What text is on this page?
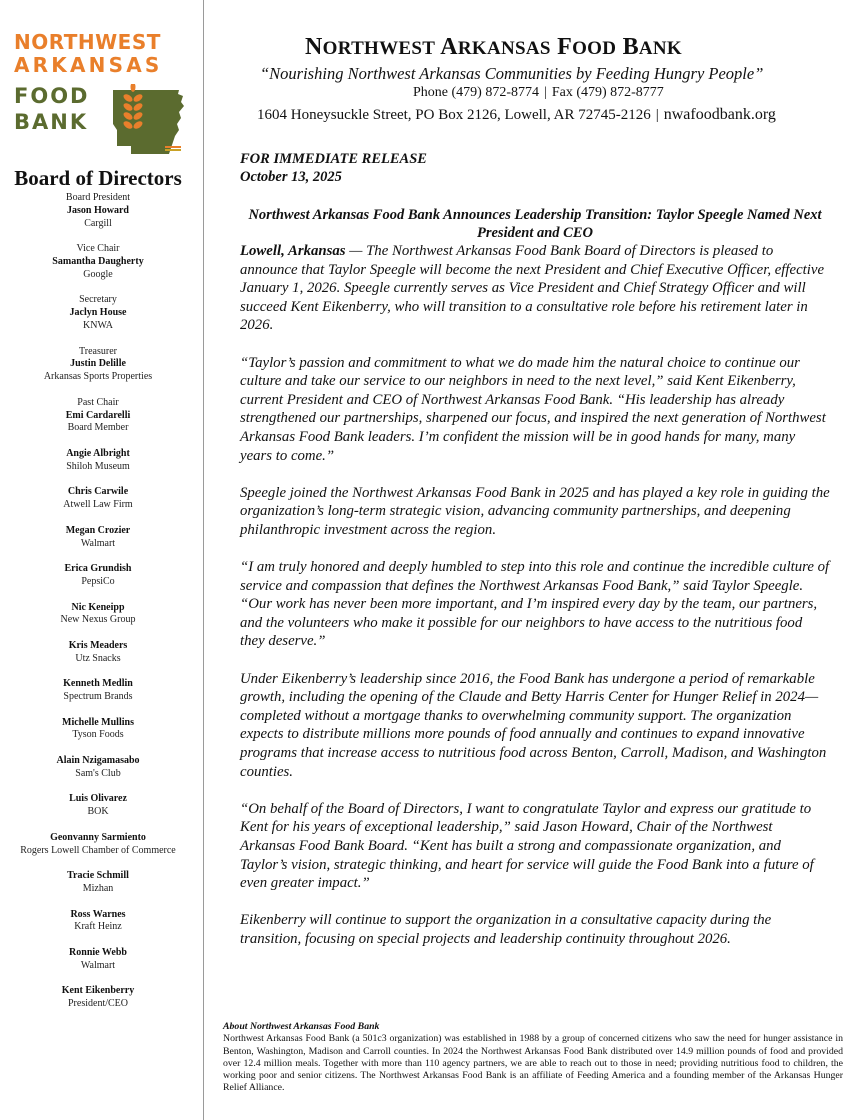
NORTHWEST
ARKANSAS
FOOD
BANK
Board of Directors
Board President
Jason Howard
Cargill
Vice Chair
Samantha Daugherty
Google
Secretary
Jaclyn House
KNWA
Treasurer
Justin Delille
Arkansas Sports Properties
Past Chair
Emi Cardarelli
Board Member
Angie Albright
Shiloh Museum
Chris Carwile
Atwell Law Firm
Megan Crozier
Walmart
Erica Grundish
PepsiCo
Nic Keneipp
New Nexus Group
Kris Meaders
Utz Snacks
Kenneth Medlin
Spectrum Brands
Michelle Mullins
Tyson Foods
Alain Nzigamasabo
Sam's Club
Luis Olivarez
BOK
Geonvanny Sarmiento
Rogers Lowell Chamber of Commerce
Tracie Schmill
Mizhan
Ross Warnes
Kraft Heinz
Ronnie Webb
Walmart
Kent Eikenberry
President/CEO
NORTHWEST ARKANSAS FOOD BANK
“Nourishing Northwest Arkansas Communities by Feeding Hungry People”
Phone (479) 872-8774 | Fax (479) 872-8777
1604 Honeysuckle Street, PO Box 2126, Lowell, AR 72745-2126 | nwafoodbank.org
FOR IMMEDIATE RELEASE
October 13, 2025
Northwest Arkansas Food Bank Announces Leadership Transition: Taylor Speegle Named Next President and CEO

Lowell, Arkansas — The Northwest Arkansas Food Bank Board of Directors is pleased to announce that Taylor Speegle will become the next President and Chief Executive Officer, effective January 1, 2026. Speegle currently serves as Vice President and Chief Strategy Officer and will succeed Kent Eikenberry, who will transition to a consultative role before his retirement later in 2026.

“Taylor’s passion and commitment to what we do made him the natural choice to continue our culture and take our service to our neighbors in need to the next level,” said Kent Eikenberry, current President and CEO of Northwest Arkansas Food Bank. “His leadership has already strengthened our partnerships, sharpened our focus, and inspired the next generation of Northwest Arkansas Food Bank leaders. I’m confident the mission will be in good hands for many, many years to come.”

Speegle joined the Northwest Arkansas Food Bank in 2025 and has played a key role in guiding the organization’s long-term strategic vision, advancing community partnerships, and deepening philanthropic investment across the region.

“I am truly honored and deeply humbled to step into this role and continue the incredible culture of service and compassion that defines the Northwest Arkansas Food Bank,” said Taylor Speegle. “Our work has never been more important, and I’m inspired every day by the team, our partners, and the volunteers who make it possible for our neighbors to have access to the nutritious food they deserve.”

Under Eikenberry’s leadership since 2016, the Food Bank has undergone a period of remarkable growth, including the opening of the Claude and Betty Harris Center for Hunger Relief in 2024—completed without a mortgage thanks to overwhelming community support. The organization expects to distribute millions more pounds of food annually and continues to expand innovative programs that increase access to nutritious food across Benton, Carroll, Madison, and Washington counties.

“On behalf of the Board of Directors, I want to congratulate Taylor and express our gratitude to Kent for his years of exceptional leadership,” said Jason Howard, Chair of the Northwest Arkansas Food Bank Board. “Kent has built a strong and compassionate organization, and Taylor’s vision, strategic thinking, and heart for service will guide the Food Bank into a future of even greater impact.”

Eikenberry will continue to support the organization in a consultative capacity during the transition, focusing on special projects and leadership continuity throughout 2026.

About Northwest Arkansas Food Bank
Northwest Arkansas Food Bank (a 501c3 organization) was established in 1988 by a group of concerned citizens who saw the need for hunger assistance in Benton, Washington, Madison and Carroll counties. In 2024 the Northwest Arkansas Food Bank distributed over 14.9 million pounds of food and provided over 12.4 million meals. Together with more than 110 agency partners, we are able to reach out to those in need; providing nutritious food to children, the working poor and senior citizens. The Northwest Arkansas Food Bank is an affiliate of Feeding America and a founding member of the Arkansas Hunger Relief Alliance.
